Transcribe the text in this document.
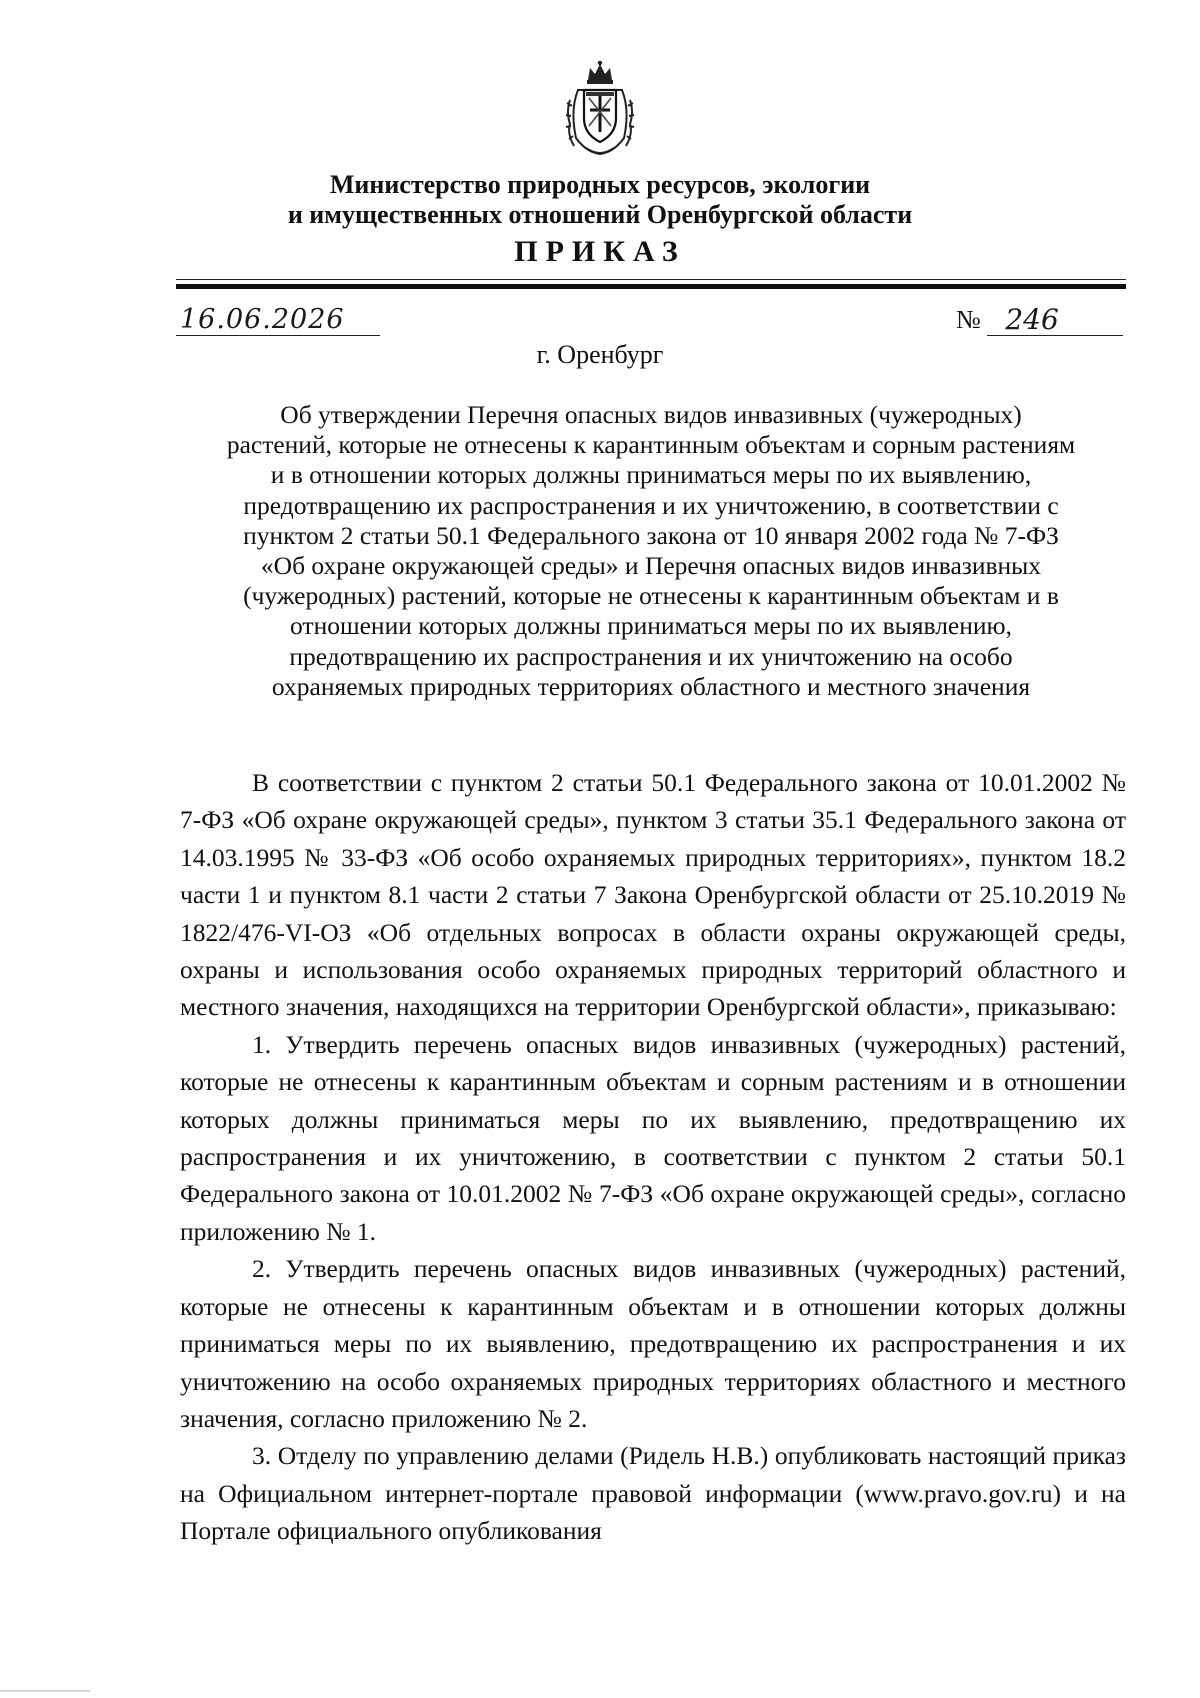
Министерство природных ресурсов, экологии
и имущественных отношений Оренбургской области
ПРИКАЗ
16.06.2026	№ 246
г. Оренбург
Об утверждении Перечня опасных видов инвазивных (чужеродных)
растений, которые не отнесены к карантинным объектам и сорным растениям
и в отношении которых должны приниматься меры по их выявлению,
предотвращению их распространения и их уничтожению, в соответствии с
пунктом 2 статьи 50.1 Федерального закона от 10 января 2002 года № 7-ФЗ
«Об охране окружающей среды» и Перечня опасных видов инвазивных
(чужеродных) растений, которые не отнесены к карантинным объектам и в
отношении которых должны приниматься меры по их выявлению,
предотвращению их распространения и их уничтожению на особо
охраняемых природных территориях областного и местного значения

В соответствии с пунктом 2 статьи 50.1 Федерального закона от 10.01.2002 № 7-ФЗ «Об охране окружающей среды», пунктом 3 статьи 35.1 Федерального закона от 14.03.1995 № 33-ФЗ «Об особо охраняемых природных территориях», пунктом 18.2 части 1 и пунктом 8.1 части 2 статьи 7 Закона Оренбургской области от 25.10.2019 № 1822/476-VI-ОЗ «Об отдельных вопросах в области охраны окружающей среды, охраны и использования особо охраняемых природных территорий областного и местного значения, находящихся на территории Оренбургской области», приказываю:

1. Утвердить перечень опасных видов инвазивных (чужеродных) растений, которые не отнесены к карантинным объектам и сорным растениям и в отношении которых должны приниматься меры по их выявлению, предотвращению их распространения и их уничтожению, в соответствии с пунктом 2 статьи 50.1 Федерального закона от 10.01.2002 № 7-ФЗ «Об охране окружающей среды», согласно приложению № 1.

2. Утвердить перечень опасных видов инвазивных (чужеродных) растений, которые не отнесены к карантинным объектам и в отношении которых должны приниматься меры по их выявлению, предотвращению их распространения и их уничтожению на особо охраняемых природных территориях областного и местного значения, согласно приложению № 2.

3. Отделу по управлению делами (Ридель Н.В.) опубликовать настоящий приказ на Официальном интернет-портале правовой информации (www.pravo.gov.ru) и на Портале официального опубликования
